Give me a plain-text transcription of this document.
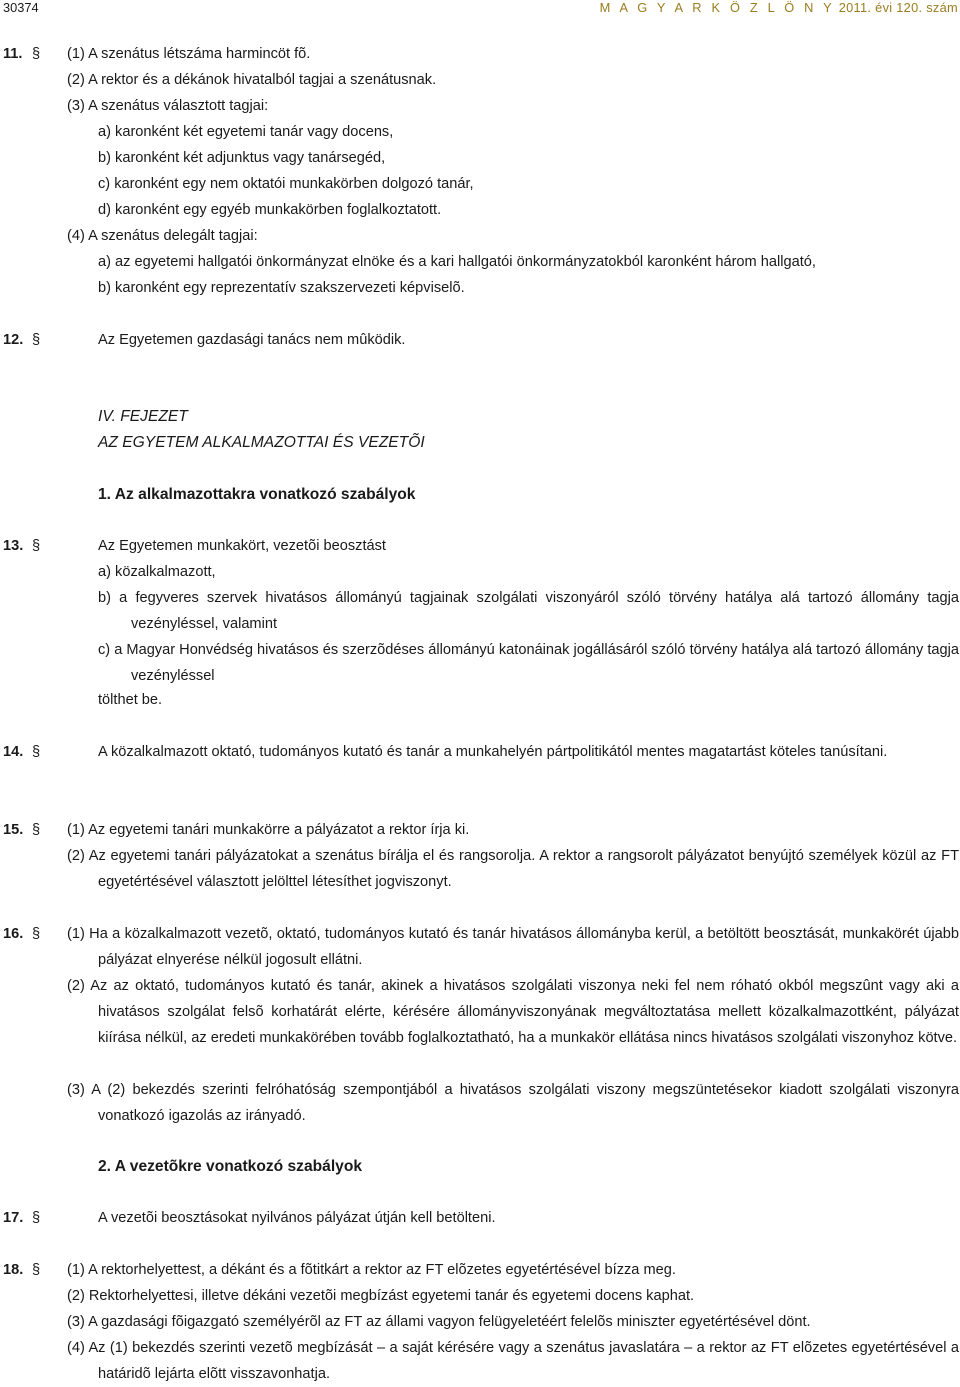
30374	M A G Y A R K Ö Z L Ö N Y 2011. évi 120. szám
11. § (1) A szenátus létszáma harmincöt fõ.
(2) A rektor és a dékánok hivatalból tagjai a szenátusnak.
(3) A szenátus választott tagjai:
a) karonként két egyetemi tanár vagy docens,
b) karonként két adjunktus vagy tanársegéd,
c) karonként egy nem oktatói munkakörben dolgozó tanár,
d) karonként egy egyéb munkakörben foglalkoztatott.
(4) A szenátus delegált tagjai:
a) az egyetemi hallgatói önkormányzat elnöke és a kari hallgatói önkormányzatokból karonként három hallgató,
b) karonként egy reprezentatív szakszervezeti képviselõ.
12. §	Az Egyetemen gazdasági tanács nem mûködik.
IV. FEJEZET
AZ EGYETEM ALKALMAZOTTAI ÉS VEZETÕI
1. Az alkalmazottakra vonatkozó szabályok
13. §	Az Egyetemen munkakört, vezetõi beosztást
a) közalkalmazott,
b) a fegyveres szervek hivatásos állományú tagjainak szolgálati viszonyáról szóló törvény hatálya alá tartozó állomány tagja vezényléssel, valamint
c) a Magyar Honvédség hivatásos és szerzõdéses állományú katonáinak jogállásáról szóló törvény hatálya alá tartozó állomány tagja vezényléssel
tölthet be.
14. §	A közalkalmazott oktató, tudományos kutató és tanár a munkahelyén pártpolitikától mentes magatartást köteles tanúsítani.
15. § (1) Az egyetemi tanári munkakörre a pályázatot a rektor írja ki.
(2) Az egyetemi tanári pályázatokat a szenátus bírálja el és rangsorolja. A rektor a rangsorolt pályázatot benyújtó személyek közül az FT egyetértésével választott jelölttel létesíthet jogviszonyt.
16. § (1) Ha a közalkalmazott vezetõ, oktató, tudományos kutató és tanár hivatásos állományba kerül, a betöltött beosztását, munkakörét újabb pályázat elnyerése nélkül jogosult ellátni.
(2) Az az oktató, tudományos kutató és tanár, akinek a hivatásos szolgálati viszonya neki fel nem róható okból megszûnt vagy aki a hivatásos szolgálat felsõ korhatárát elérte, kérésére állományviszonyának megváltoztatása mellett közalkalmazottként, pályázat kiírása nélkül, az eredeti munkakörében tovább foglalkoztatható, ha a munkakör ellátása nincs hivatásos szolgálati viszonyhoz kötve.
(3) A (2) bekezdés szerinti felróhatóság szempontjából a hivatásos szolgálati viszony megszüntetésekor kiadott szolgálati viszonyra vonatkozó igazolás az irányadó.
2. A vezetõkre vonatkozó szabályok
17. §	A vezetõi beosztásokat nyilvános pályázat útján kell betölteni.
18. § (1) A rektorhelyettest, a dékánt és a fõtitkárt a rektor az FT elõzetes egyetértésével bízza meg.
(2) Rektorhelyettesi, illetve dékáni vezetõi megbízást egyetemi tanár és egyetemi docens kaphat.
(3) A gazdasági fõigazgató személyérõl az FT az állami vagyon felügyeletéért felelõs miniszter egyetértésével dönt.
(4) Az (1) bekezdés szerinti vezetõ megbízását – a saját kérésére vagy a szenátus javaslatára – a rektor az FT elõzetes egyetértésével a határidõ lejárta elõtt visszavonhatja.
